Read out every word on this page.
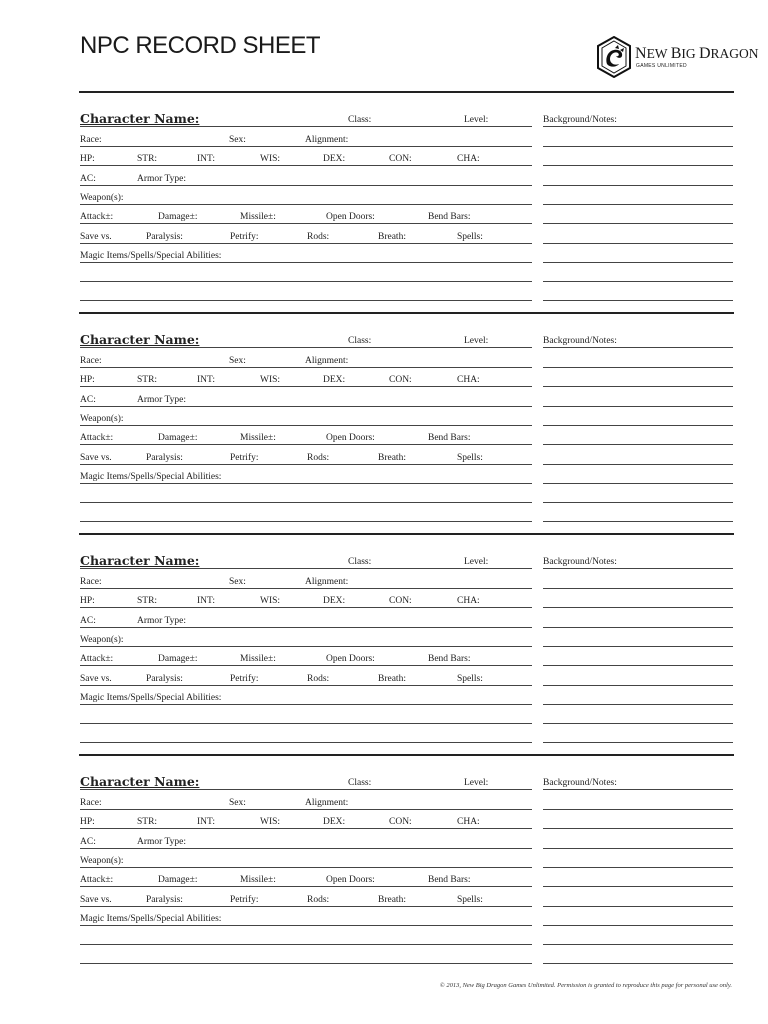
NPC RECORD SHEET	NEW BIG DRAGON
GAMES UNLIMITED
Character Name:	Class:	Level:
Race:	Sex:	Alignment:
HP:	STR:	INT:	WIS:	DEX:	CON:	CHA:
AC:	Armor Type:
Weapon(s):
Attack±:	Damage±:	Missile±:	Open Doors:	Bend Bars:
Save vs.	Paralysis:	Petrify:	Rods:	Breath:	Spells:
Magic Items/Spells/Special Abilities:
Background/Notes:
Character Name:	Class:	Level:
Race:	Sex:	Alignment:
HP:	STR:	INT:	WIS:	DEX:	CON:	CHA:
AC:	Armor Type:
Weapon(s):
Attack±:	Damage±:	Missile±:	Open Doors:	Bend Bars:
Save vs.	Paralysis:	Petrify:	Rods:	Breath:	Spells:
Magic Items/Spells/Special Abilities:
Background/Notes:
Character Name:	Class:	Level:
Race:	Sex:	Alignment:
HP:	STR:	INT:	WIS:	DEX:	CON:	CHA:
AC:	Armor Type:
Weapon(s):
Attack±:	Damage±:	Missile±:	Open Doors:	Bend Bars:
Save vs.	Paralysis:	Petrify:	Rods:	Breath:	Spells:
Magic Items/Spells/Special Abilities:
Background/Notes:
Character Name:	Class:	Level:
Race:	Sex:	Alignment:
HP:	STR:	INT:	WIS:	DEX:	CON:	CHA:
AC:	Armor Type:
Weapon(s):
Attack±:	Damage±:	Missile±:	Open Doors:	Bend Bars:
Save vs.	Paralysis:	Petrify:	Rods:	Breath:	Spells:
Magic Items/Spells/Special Abilities:
Background/Notes:
© 2013, New Big Dragon Games Unlimited. Permission is granted to reproduce this page for personal use only.
